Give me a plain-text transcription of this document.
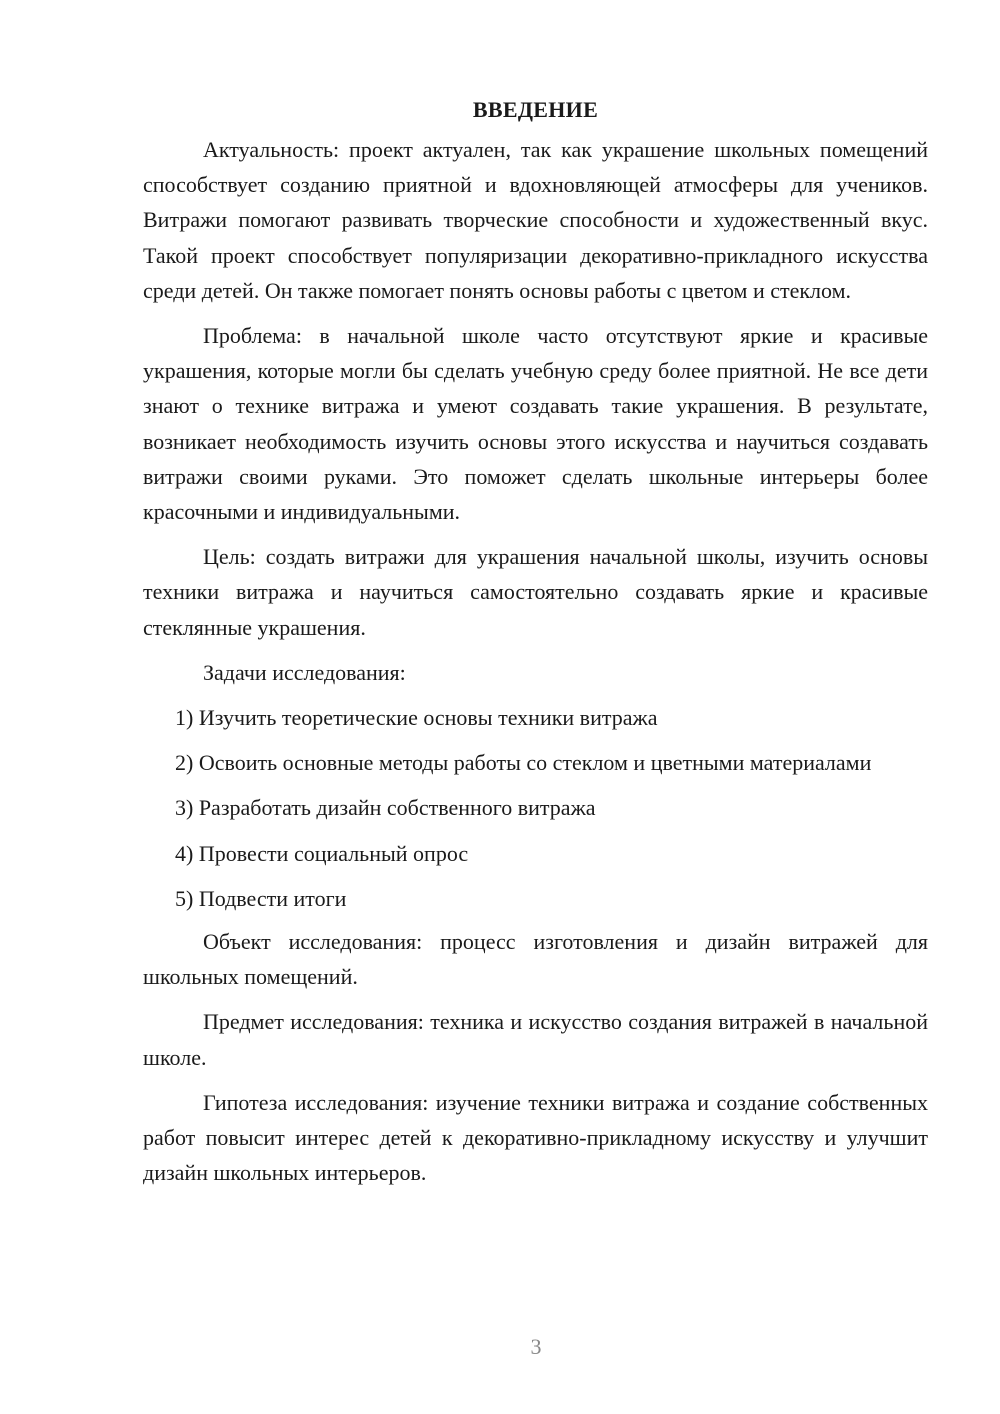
ВВЕДЕНИЕ

Актуальность: проект актуален, так как украшение школьных помещений способствует созданию приятной и вдохновляющей атмосферы для учеников. Витражи помогают развивать творческие способности и художественный вкус. Такой проект способствует популяризации декоративно-прикладного искусства среди детей. Он также помогает понять основы работы с цветом и стеклом.

Проблема: в начальной школе часто отсутствуют яркие и красивые украшения, которые могли бы сделать учебную среду более приятной. Не все дети знают о технике витража и умеют создавать такие украшения. В результате, возникает необходимость изучить основы этого искусства и научиться создавать витражи своими руками. Это поможет сделать школьные интерьеры более красочными и индивидуальными.

Цель: создать витражи для украшения начальной школы, изучить основы техники витража и научиться самостоятельно создавать яркие и красивые стеклянные украшения.

Задачи исследования:

1) Изучить теоретические основы техники витража

2) Освоить основные методы работы со стеклом и цветными материалами

3) Разработать дизайн собственного витража

4) Провести социальный опрос

5) Подвести итоги

Объект исследования: процесс изготовления и дизайн витражей для школьных помещений.

Предмет исследования: техника и искусство создания витражей в начальной школе.

Гипотеза исследования: изучение техники витража и создание собственных работ повысит интерес детей к декоративно-прикладному искусству и улучшит дизайн школьных интерьеров.

3
